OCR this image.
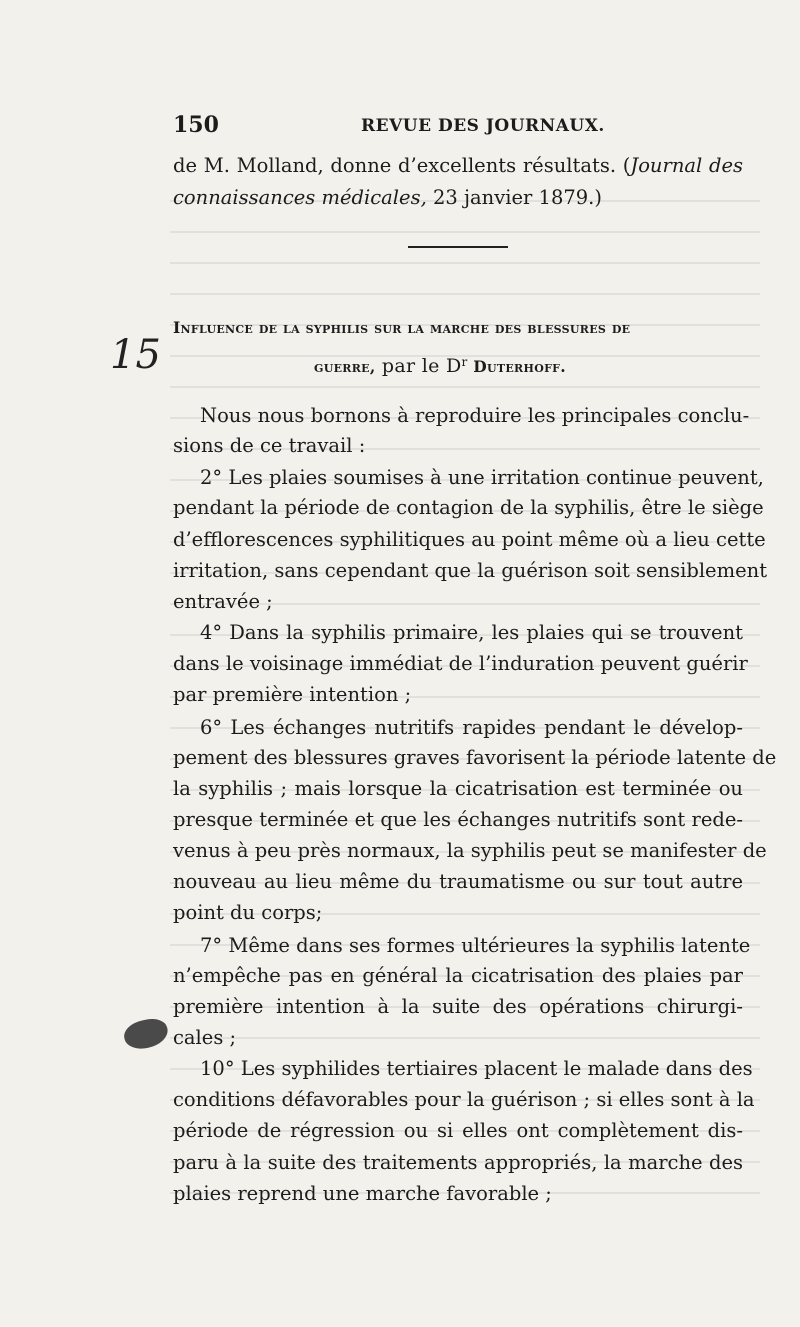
150	REVUE DES JOURNAUX.
de M. Molland, donne d’excellents résultats. (Journal des
connaissances médicales, 23 janvier 1879.)
15
Influence de la syphilis sur la marche des blessures de
guerre, par le $D^r$ Duterhoff.
Nous nous bornons à reproduire les principales conclu-
sions de ce travail :
2° Les plaies soumises à une irritation continue peuvent,
pendant la période de contagion de la syphilis, être le siège
d’efflorescences syphilitiques au point même où a lieu cette
irritation, sans cependant que la guérison soit sensiblement
entravée ;
4° Dans la syphilis primaire, les plaies qui se trouvent
dans le voisinage immédiat de l’induration peuvent guérir
par première intention ;
6° Les échanges nutritifs rapides pendant le dévelop-
pement des blessures graves favorisent la période latente de
la syphilis ; mais lorsque la cicatrisation est terminée ou
presque terminée et que les échanges nutritifs sont rede-
venus à peu près normaux, la syphilis peut se manifester de
nouveau au lieu même du traumatisme ou sur tout autre
point du corps;
7° Même dans ses formes ultérieures la syphilis latente
n’empêche pas en général la cicatrisation des plaies par
première intention à la suite des opérations chirurgi-
cales ;
10° Les syphilides tertiaires placent le malade dans des
conditions défavorables pour la guérison ; si elles sont à la
période de régression ou si elles ont complètement dis-
paru à la suite des traitements appropriés, la marche des
plaies reprend une marche favorable ;
